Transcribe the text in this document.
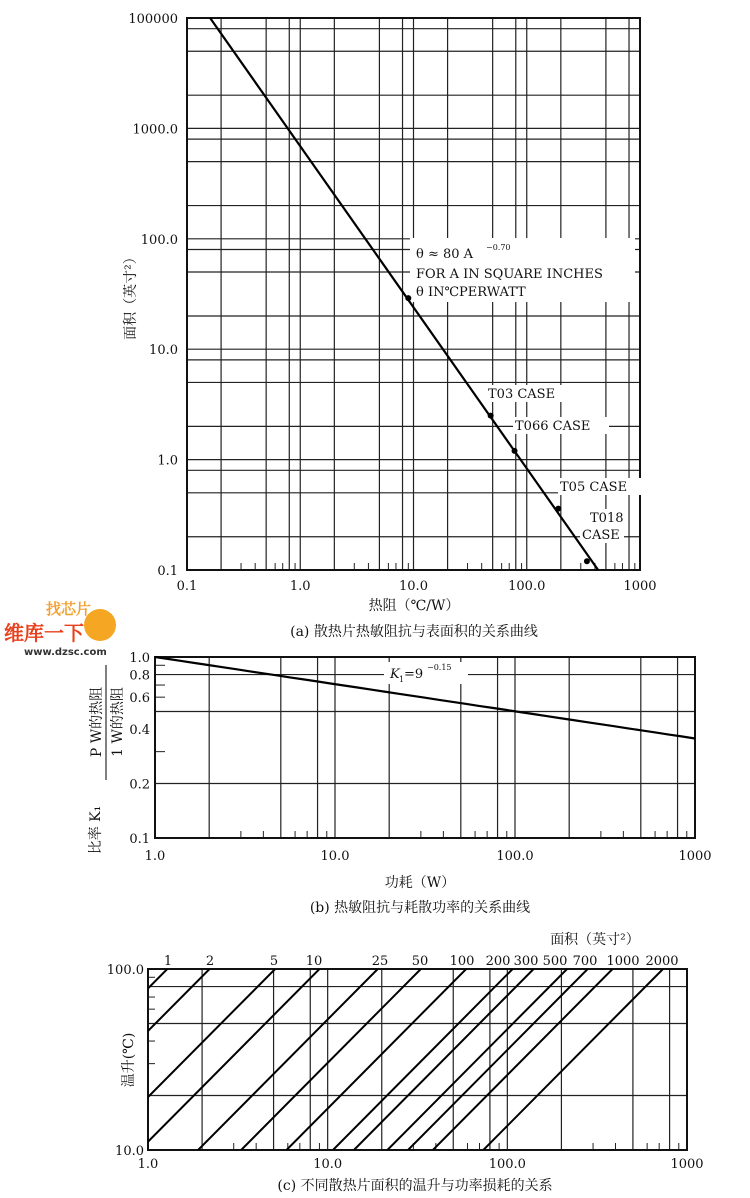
找芯片
维库一下
www.dzsc.com
θ ≈ 80 A −0.70
FOR A IN SQUARE INCHES
θ IN℃PERWATT
T03 CASE
T066 CASE
T05 CASE
T018
CASE
0.1	1.0	10.0	100.0	1000
0.1
1.0
10.0
100.0
1000.0
100000
热阻（℃/W）
面积（英寸²）
(a) 散热片热敏阻抗与表面积的关系曲线
K 1 =9 −0.15
1.0	10.0	100.0	1000
0.1
0.2
0.4
0.6
0.8
1.0
功耗（W）
比率 K₁
P W的热阻 1 W的热阻
(b) 热敏阻抗与耗散功率的关系曲线
1	2	5 10	25 50 100 200 300 500 700 1000 2000
面积（英寸²）
1.0	10.0	100.0	1000
10.0
100.0
温升(℃)
(c) 不同散热片面积的温升与功率损耗的关系
